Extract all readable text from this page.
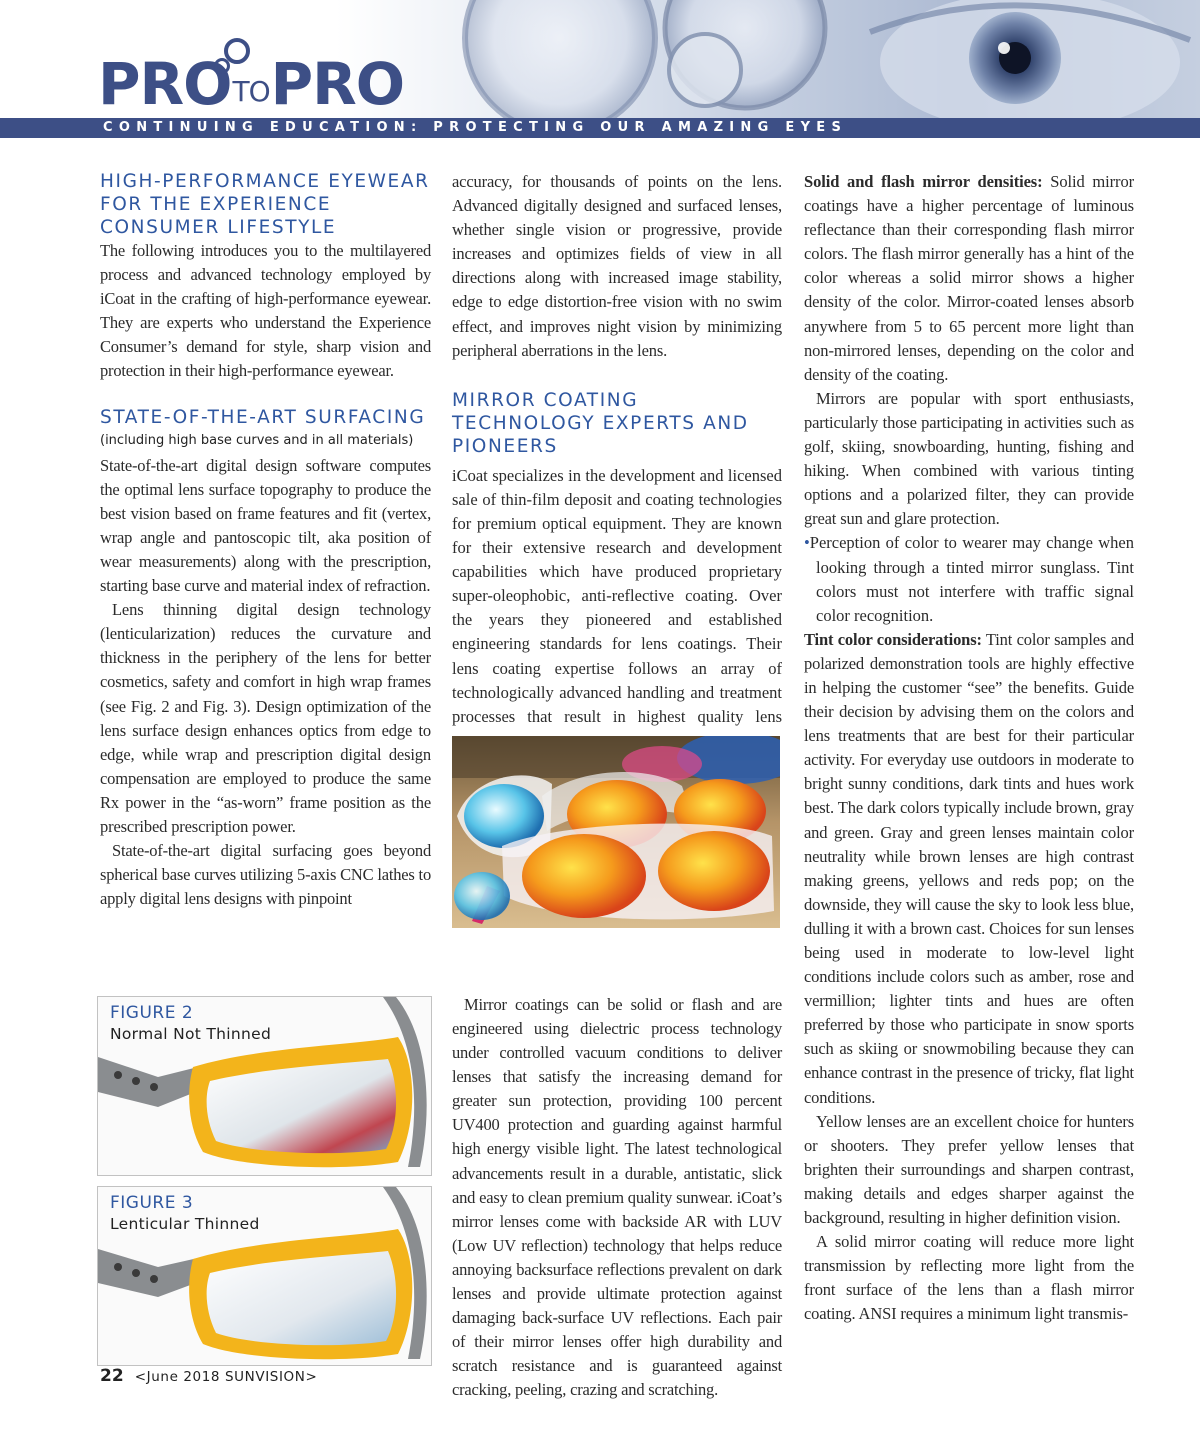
PROTOPRO
CONTINUING EDUCATION: PROTECTING OUR AMAZING EYES
HIGH-PERFORMANCE EYEWEAR FOR THE EXPERIENCE CONSUMER LIFESTYLE

The following introduces you to the multilayered process and advanced technology employed by iCoat in the crafting of high-performance eyewear. They are experts who understand the Experience Consumer’s demand for style, sharp vision and protection in their high-performance eyewear.

STATE-OF-THE-ART SURFACING
(including high base curves and in all materials)

State-of-the-art digital design software computes the optimal lens surface topography to produce the best vision based on frame features and fit (vertex, wrap angle and pantoscopic tilt, aka position of wear measurements) along with the prescription, starting base curve and material index of refraction.

Lens thinning digital design technology (lenticularization) reduces the curvature and thickness in the periphery of the lens for better cosmetics, safety and comfort in high wrap frames (see Fig. 2 and Fig. 3). Design optimization of the lens surface design enhances optics from edge to edge, while wrap and prescription digital design compensation are employed to produce the same Rx power in the “as-worn” frame position as the prescribed prescription power.

State-of-the-art digital surfacing goes beyond spherical base curves utilizing 5-axis CNC lathes to apply digital lens designs with pinpoint

FIGURE 2
Normal Not Thinned
FIGURE 3
Lenticular Thinned

accuracy, for thousands of points on the lens. Advanced digitally designed and surfaced lenses, whether single vision or progressive, provide increases and optimizes fields of view in all directions along with increased image stability, edge to edge distortion-free vision with no swim effect, and improves night vision by minimizing peripheral aberrations in the lens.

MIRROR COATING TECHNOLOGY EXPERTS AND PIONEERS

iCoat specializes in the development and licensed sale of thin-film deposit and coating technologies for premium optical equipment. They are known for their extensive research and development capabilities which have produced proprietary super-oleophobic, anti-reflective coating. Over the years they pioneered and established engineering standards for lens coatings. Their lens coating expertise follows an array of technologically advanced handling and treatment processes that result in highest quality lens

Mirror coatings can be solid or flash and are engineered using dielectric process technology under controlled vacuum conditions to deliver lenses that satisfy the increasing demand for greater sun protection, providing 100 percent UV400 protection and guarding against harmful high energy visible light. The latest technological advancements result in a durable, antistatic, slick and easy to clean premium quality sunwear. iCoat’s mirror lenses come with backside AR with LUV (Low UV reflection) technology that helps reduce annoying backsurface reflections prevalent on dark lenses and provide ultimate protection against damaging back-surface UV reflections. Each pair of their mirror lenses offer high durability and scratch resistance and is guaranteed against cracking, peeling, crazing and scratching.

Solid and flash mirror densities: Solid mirror coatings have a higher percentage of luminous reflectance than their corresponding flash mirror colors. The flash mirror generally has a hint of the color whereas a solid mirror shows a higher density of the color. Mirror-coated lenses absorb anywhere from 5 to 65 percent more light than non-mirrored lenses, depending on the color and density of the coating.

Mirrors are popular with sport enthusiasts, particularly those participating in activities such as golf, skiing, snowboarding, hunting, fishing and hiking. When combined with various tinting options and a polarized filter, they can provide great sun and glare protection.

•Perception of color to wearer may change when looking through a tinted mirror sunglass. Tint colors must not interfere with traffic signal color recognition.

Tint color considerations: Tint color samples and polarized demonstration tools are highly effective in helping the customer “see” the benefits. Guide their decision by advising them on the colors and lens treatments that are best for their particular activity. For everyday use outdoors in moderate to bright sunny conditions, dark tints and hues work best. The dark colors typically include brown, gray and green. Gray and green lenses maintain color neutrality while brown lenses are high contrast making greens, yellows and reds pop; on the downside, they will cause the sky to look less blue, dulling it with a brown cast. Choices for sun lenses being used in moderate to low-level light conditions include colors such as amber, rose and vermillion; lighter tints and hues are often preferred by those who participate in snow sports such as skiing or snowmobiling because they can enhance contrast in the presence of tricky, flat light conditions.

Yellow lenses are an excellent choice for hunters or shooters. They prefer yellow lenses that brighten their surroundings and sharpen contrast, making details and edges sharper against the background, resulting in higher definition vision.

A solid mirror coating will reduce more light transmission by reflecting more light from the front surface of the lens than a flash mirror coating. ANSI requires a minimum light transmis-

22 <June 2018 SUNVISION>
